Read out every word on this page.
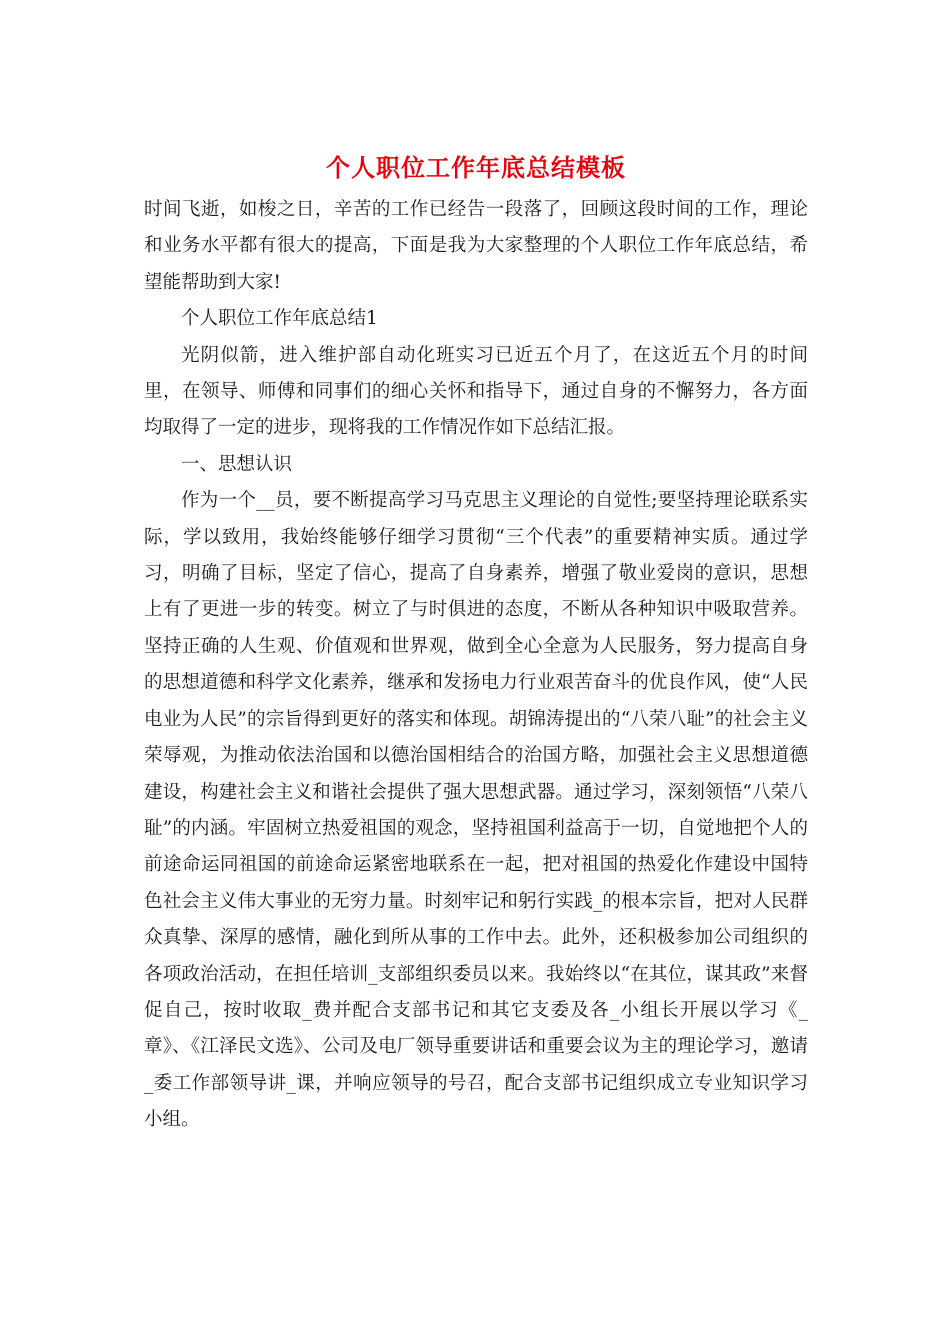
个人职位工作年底总结模板

时间飞逝，如梭之日，辛苦的工作已经告一段落了，回顾这段时间的工作，理论和业务水平都有很大的提高，下面是我为大家整理的个人职位工作年底总结，希望能帮助到大家!

个人职位工作年底总结1

光阴似箭，进入维护部自动化班实习已近五个月了，在这近五个月的时间里，在领导、师傅和同事们的细心关怀和指导下，通过自身的不懈努力，各方面均取得了一定的进步，现将我的工作情况作如下总结汇报。

一、思想认识

作为一个__员，要不断提高学习马克思主义理论的自觉性;要坚持理论联系实际，学以致用，我始终能够仔细学习贯彻“三个代表”的重要精神实质。通过学习，明确了目标，坚定了信心，提高了自身素养，增强了敬业爱岗的意识，思想上有了更进一步的转变。树立了与时俱进的态度，不断从各种知识中吸取营养。坚持正确的人生观、价值观和世界观，做到全心全意为人民服务，努力提高自身的思想道德和科学文化素养，继承和发扬电力行业艰苦奋斗的优良作风，使“人民电业为人民”的宗旨得到更好的落实和体现。胡锦涛提出的“八荣八耻”的社会主义荣辱观，为推动依法治国和以德治国相结合的治国方略，加强社会主义思想道德建设，构建社会主义和谐社会提供了强大思想武器。通过学习，深刻领悟“八荣八耻”的内涵。牢固树立热爱祖国的观念，坚持祖国利益高于一切，自觉地把个人的前途命运同祖国的前途命运紧密地联系在一起，把对祖国的热爱化作建设中国特色社会主义伟大事业的无穷力量。时刻牢记和躬行实践_的根本宗旨，把对人民群众真挚、深厚的感情，融化到所从事的工作中去。此外，还积极参加公司组织的各项政治活动，在担任培训_支部组织委员以来。我始终以“在其位，谋其政”来督促自己，按时收取_费并配合支部书记和其它支委及各_小组长开展以学习《_章》、《江泽民文选》、公司及电厂领导重要讲话和重要会议为主的理论学习，邀请_委工作部领导讲_课，并响应领导的号召，配合支部书记组织成立专业知识学习小组。
